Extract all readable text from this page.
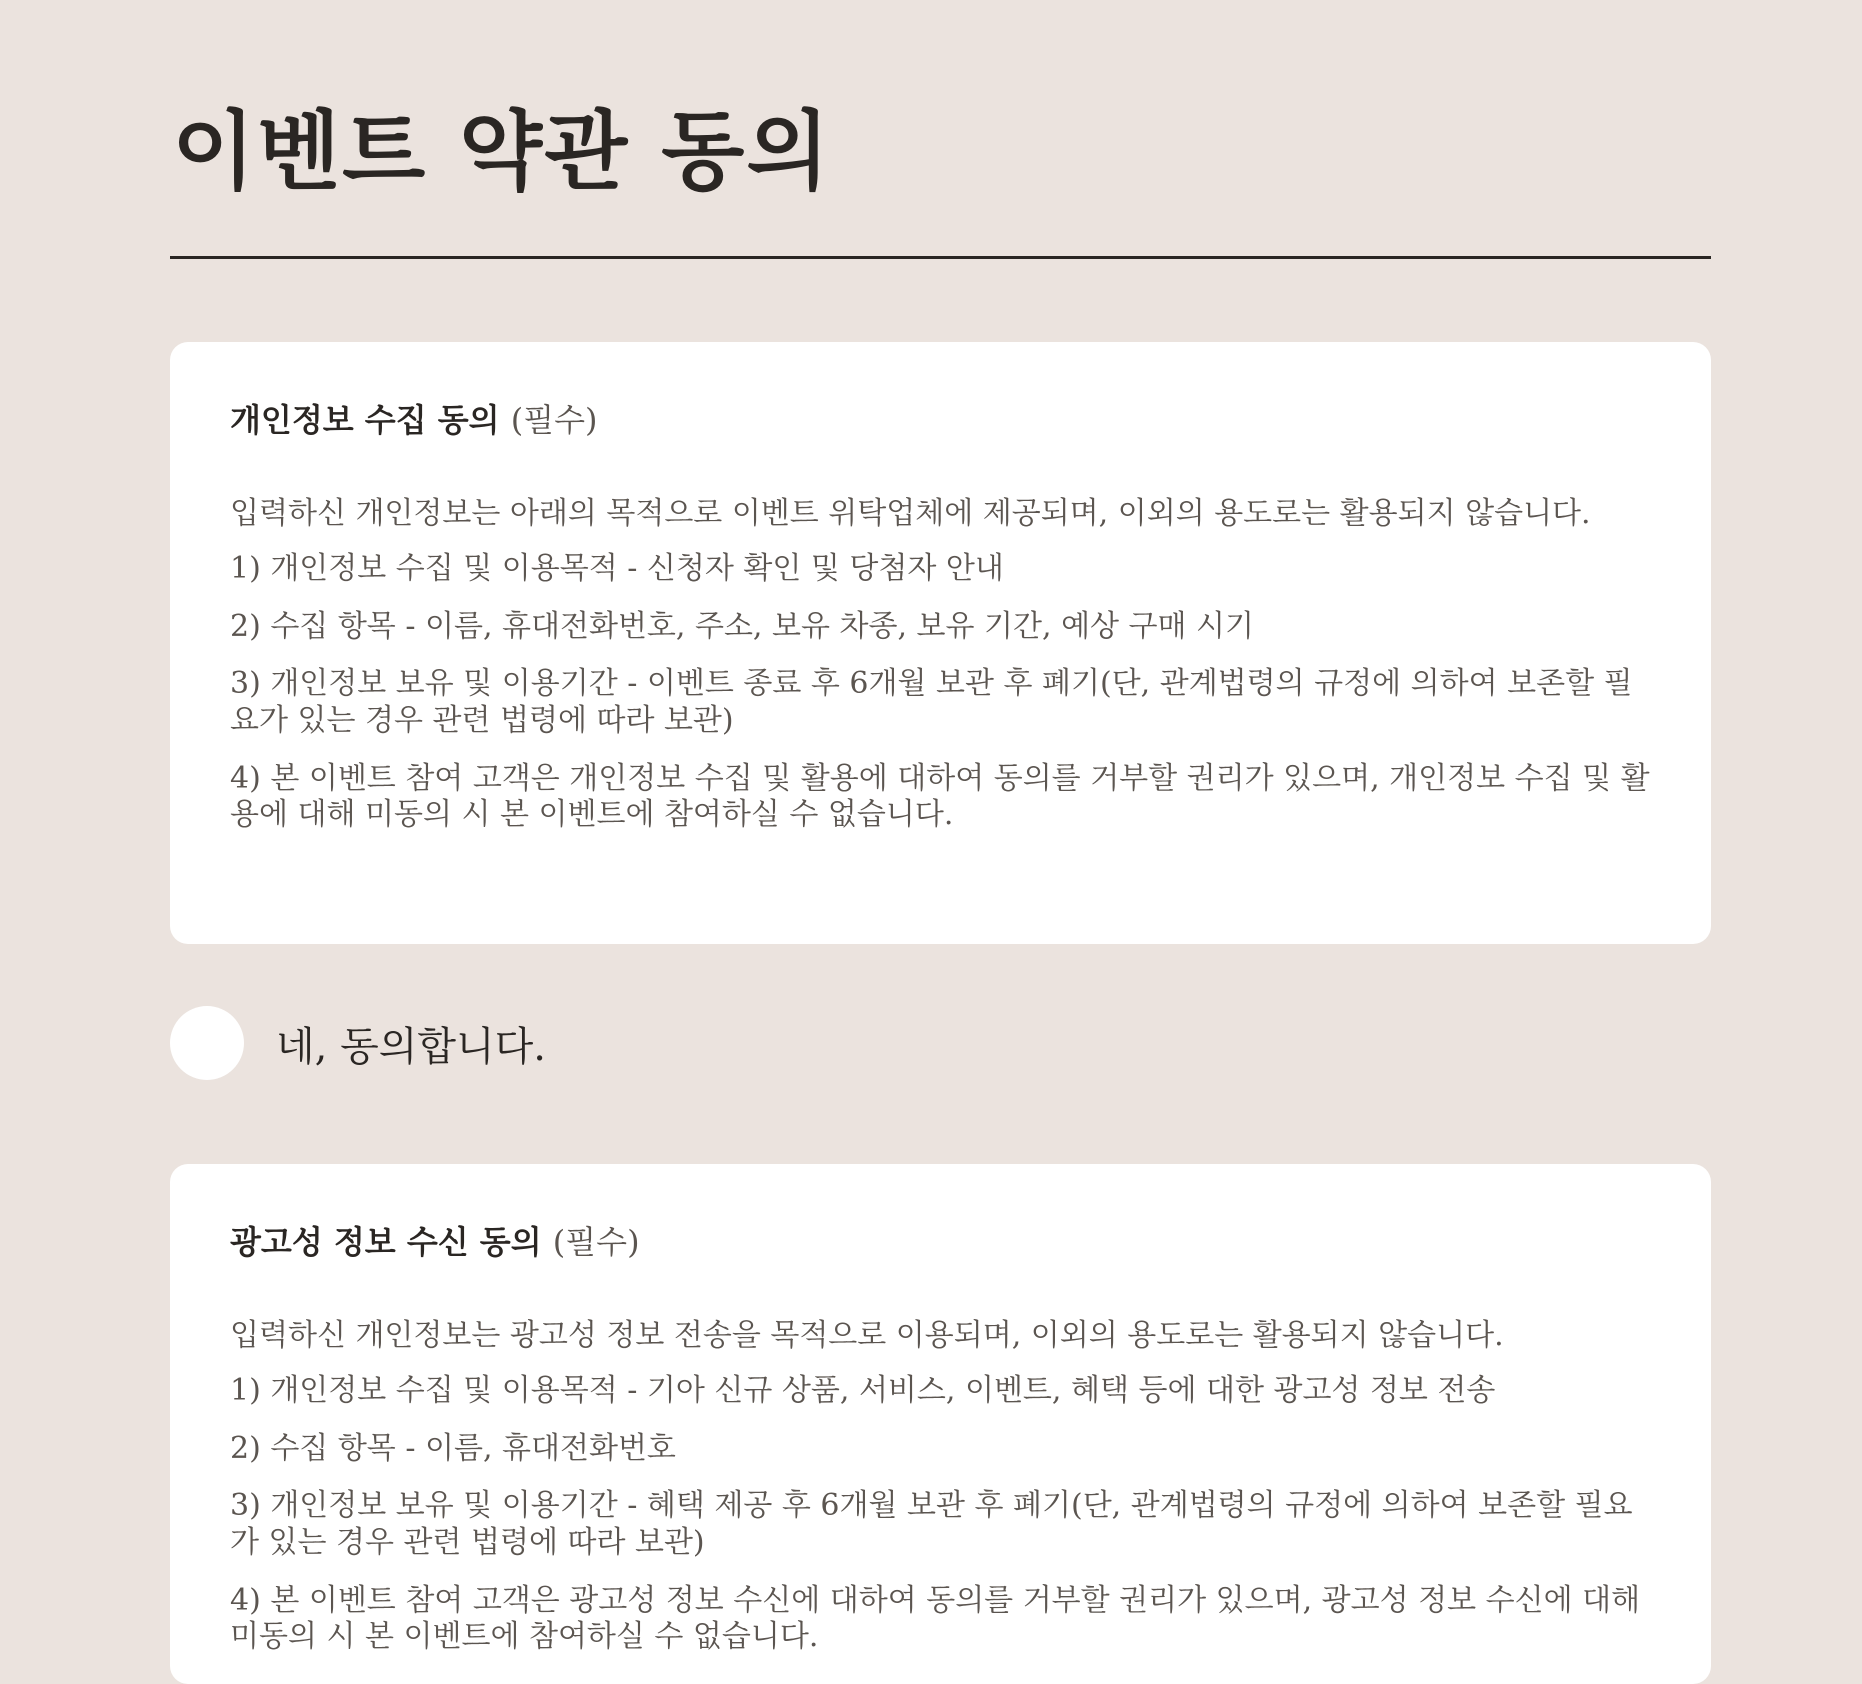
이벤트 약관 동의
개인정보 수집 동의 (필수)

입력하신 개인정보는 아래의 목적으로 이벤트 위탁업체에 제공되며, 이외의 용도로는 활용되지 않습니다.

1) 개인정보 수집 및 이용목적 - 신청자 확인 및 당첨자 안내

2) 수집 항목 - 이름, 휴대전화번호, 주소, 보유 차종, 보유 기간, 예상 구매 시기

3) 개인정보 보유 및 이용기간 - 이벤트 종료 후 6개월 보관 후 폐기(단, 관계법령의 규정에 의하여 보존할 필요가 있는 경우 관련 법령에 따라 보관)

4) 본 이벤트 참여 고객은 개인정보 수집 및 활용에 대하여 동의를 거부할 권리가 있으며, 개인정보 수집 및 활용에 대해 미동의 시 본 이벤트에 참여하실 수 없습니다.

네, 동의합니다.
광고성 정보 수신 동의 (필수)

입력하신 개인정보는 광고성 정보 전송을 목적으로 이용되며, 이외의 용도로는 활용되지 않습니다.

1) 개인정보 수집 및 이용목적 - 기아 신규 상품, 서비스, 이벤트, 혜택 등에 대한 광고성 정보 전송

2) 수집 항목 - 이름, 휴대전화번호

3) 개인정보 보유 및 이용기간 - 혜택 제공 후 6개월 보관 후 폐기(단, 관계법령의 규정에 의하여 보존할 필요가 있는 경우 관련 법령에 따라 보관)

4) 본 이벤트 참여 고객은 광고성 정보 수신에 대하여 동의를 거부할 권리가 있으며, 광고성 정보 수신에 대해 미동의 시 본 이벤트에 참여하실 수 없습니다.
